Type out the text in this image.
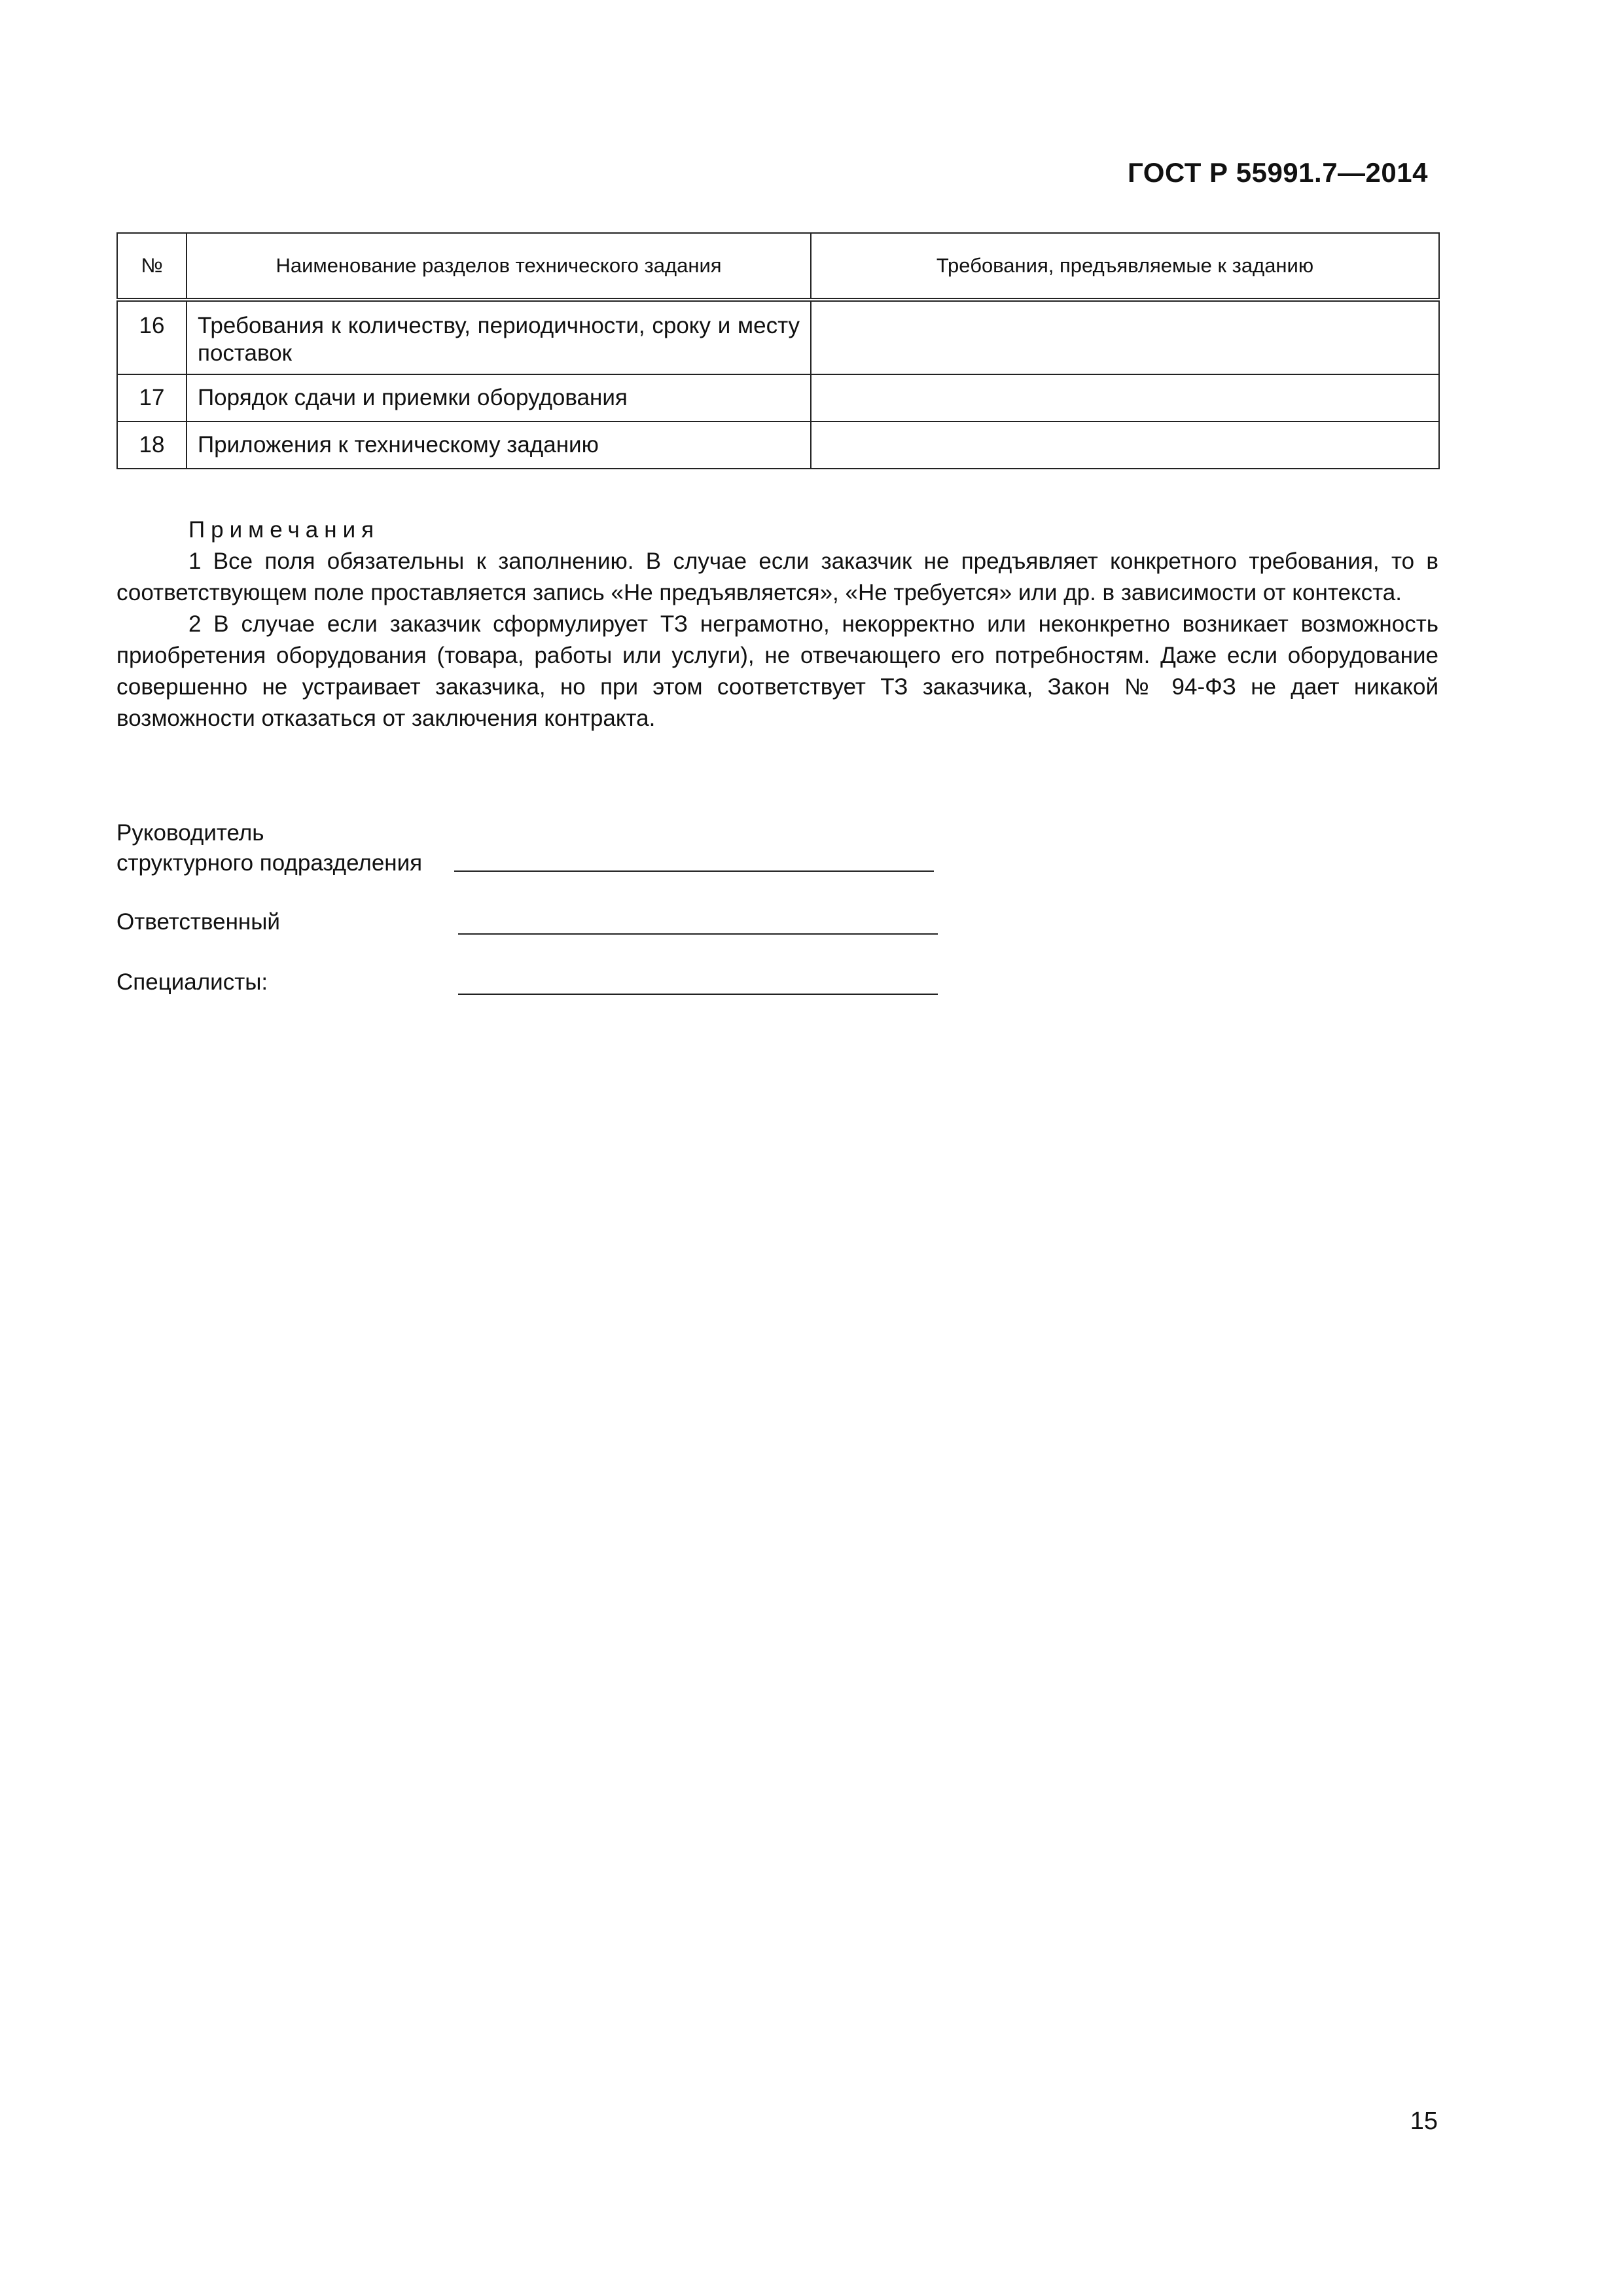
ГОСТ Р 55991.7—2014
№	Наименование разделов технического задания	Требования, предъявляемые к заданию
16	Требования к количеству, периодичности, сроку и месту поставок	
17	Порядок сдачи и приемки оборудования	
18	Приложения к техническому заданию	
Примечания

1 Все поля обязательны к заполнению. В случае если заказчик не предъявляет конкретного требования, то в соответствующем поле проставляется запись «Не предъявляется», «Не требуется» или др. в зависимости от контекста.

2 В случае если заказчик сформулирует ТЗ неграмотно, некорректно или неконкретно возникает возможность приобретения оборудования (товара, работы или услуги), не отвечающего его потребностям. Даже если оборудование совершенно не устраивает заказчика, но при этом соответствует ТЗ заказчика, Закон № 94-ФЗ не дает никакой возможности отказаться от заключения контракта.

Руководитель
структурного подразделения
Ответственный
Специалисты:
15
